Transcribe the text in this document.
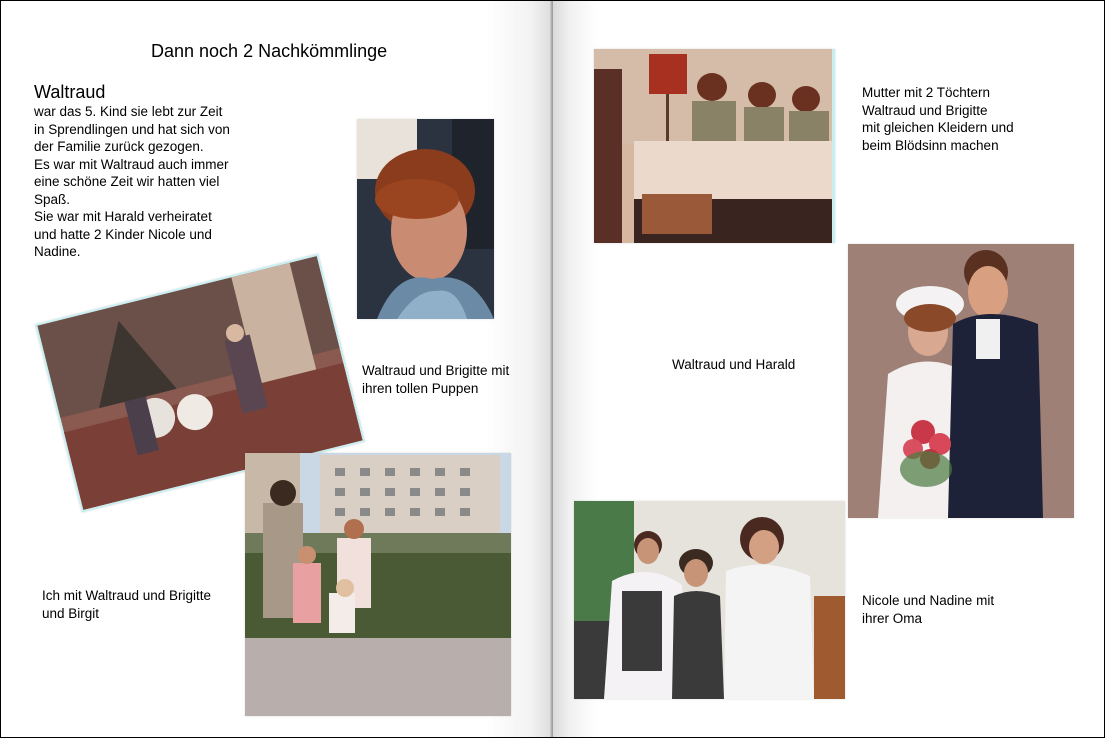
Dann noch 2 Nachkömmlinge
Waltraud
war das 5. Kind sie lebt zur Zeit
in Sprendlingen und hat sich von
der Familie zurück gezogen.
Es war mit Waltraud auch immer
eine schöne Zeit wir hatten viel
Spaß.
Sie war mit Harald verheiratet
und hatte 2 Kinder Nicole und
Nadine.
Waltraud und Brigitte mit
ihren tollen Puppen
Ich mit Waltraud und Brigitte
und Birgit
Mutter mit 2 Töchtern
Waltraud und Brigitte
mit gleichen Kleidern und
beim Blödsinn machen
Waltraud und Harald
Nicole und Nadine mit
ihrer Oma
